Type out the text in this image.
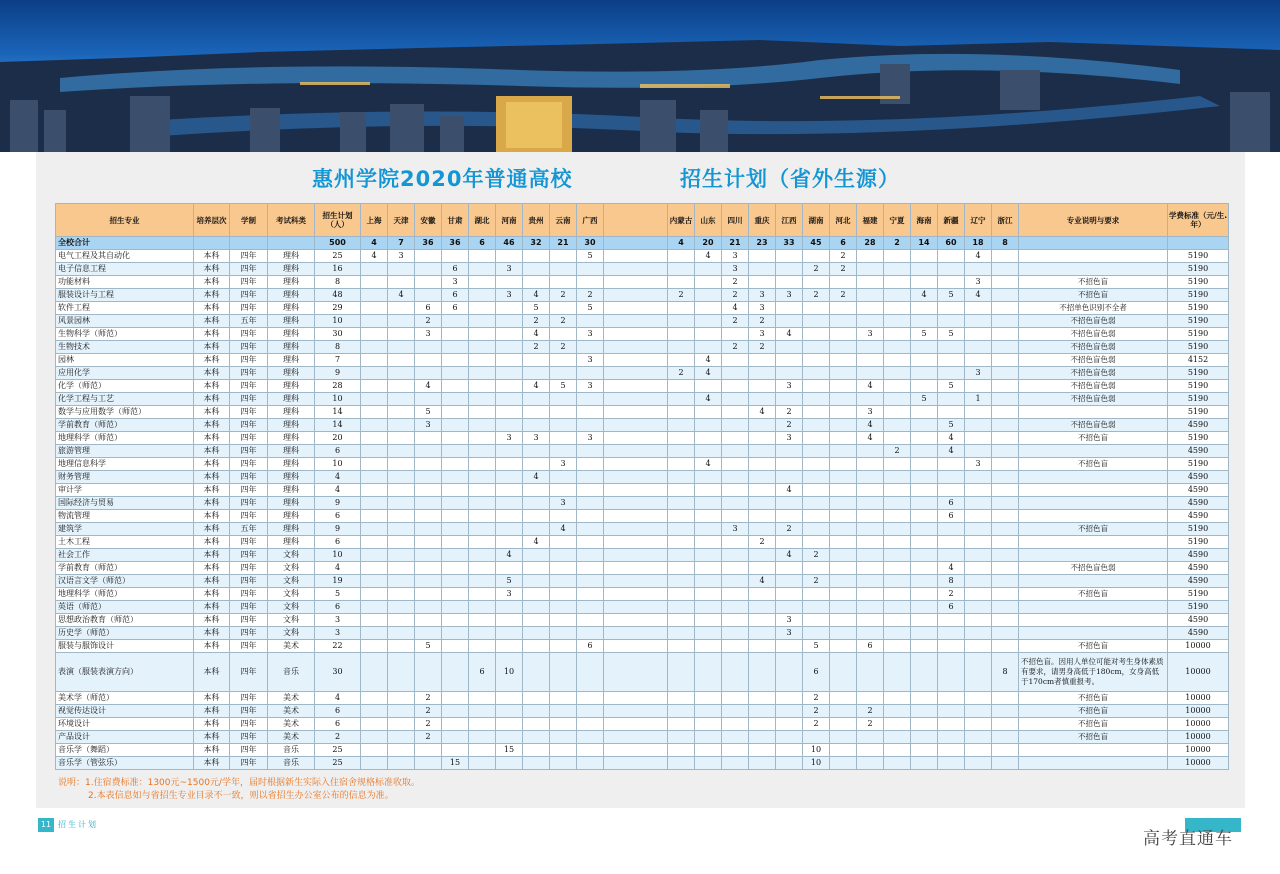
惠州学院2020年普通高校	招生计划（省外生源）
招生专业	培养层次	学制	考试科类	招生计划（人）	上海	天津	安徽	甘肃	湖北	河南	贵州	云南	广西		内蒙古	山东	四川	重庆	江西	湖南	河北	福建	宁夏	海南	新疆	辽宁	浙江	专业说明与要求	学费标准（元/生.年）
全校合计				500	4	7	36	36	6	46	32	21	30		4	20	21	23	33	45	6	28	2	14	60	18	8		
电气工程及其自动化	本科	四年	理科	25	4	3							5			4	3				2					4			5190
电子信息工程	本科	四年	理科	16				6		3							3			2	2								5190
功能材料	本科	四年	理科	8				3									2									3		不招色盲	5190
服装设计与工程	本科	四年	理科	48		4		6		3	4	2	2		2		2	3	3	2	2			4	5	4		不招色盲	5190
软件工程	本科	四年	理科	29			6	6			5		5				4	3										不招单色识别不全者	5190
风景园林	本科	五年	理科	10			2				2	2					2	2										不招色盲色弱	5190
生物科学（师范）	本科	四年	理科	30			3				4		3					3	4			3		5	5			不招色盲色弱	5190
生物技术	本科	四年	理科	8							2	2					2	2										不招色盲色弱	5190
园林	本科	四年	理科	7									3			4												不招色盲色弱	4152
应用化学	本科	四年	理科	9											2	4										3		不招色盲色弱	5190
化学（师范）	本科	四年	理科	28			4				4	5	3						3			4			5			不招色盲色弱	5190
化学工程与工艺	本科	四年	理科	10												4								5		1		不招色盲色弱	5190
数学与应用数学（师范）	本科	四年	理科	14			5											4	2			3							5190
学前教育（师范）	本科	四年	理科	14			3												2			4			5			不招色盲色弱	4590
地理科学（师范）	本科	四年	理科	20						3	3		3						3			4			4			不招色盲	5190
旅游管理	本科	四年	理科	6																			2		4				4590
地理信息科学	本科	四年	理科	10								3				4										3		不招色盲	5190
财务管理	本科	四年	理科	4							4																		4590
审计学	本科	四年	理科	4															4										4590
国际经济与贸易	本科	四年	理科	9								3													6				4590
物流管理	本科	四年	理科	6																					6				4590
建筑学	本科	五年	理科	9								4					3		2									不招色盲	5190
土木工程	本科	四年	理科	6							4							2											5190
社会工作	本科	四年	文科	10						4									4	2									4590
学前教育（师范）	本科	四年	文科	4																					4			不招色盲色弱	4590
汉语言文学（师范）	本科	四年	文科	19						5								4		2					8				4590
地理科学（师范）	本科	四年	文科	5						3															2			不招色盲	5190
英语（师范）	本科	四年	文科	6																					6				5190
思想政治教育（师范）	本科	四年	文科	3															3										4590
历史学（师范）	本科	四年	文科	3															3										4590
服装与服饰设计	本科	四年	美术	22			5						6							5		6						不招色盲	10000
表演（服装表演方向）	本科	四年	音乐	30					6	10										6							8	不招色盲。因用人单位可能对考生身体素质有要求，请男身高低于180cm，女身高低于170cm者慎重报考。	10000
美术学（师范）	本科	四年	美术	4			2													2								不招色盲	10000
视觉传达设计	本科	四年	美术	6			2													2		2						不招色盲	10000
环境设计	本科	四年	美术	6			2													2		2						不招色盲	10000
产品设计	本科	四年	美术	2			2																					不招色盲	10000
音乐学（舞蹈）	本科	四年	音乐	25						15										10									10000
音乐学（管弦乐）	本科	四年	音乐	25				15												10									10000
说明：1.住宿费标准：1300元~1500元/学年，届时根据新生实际入住宿舍规格标准收取。
2.本表信息如与省招生专业目录不一致，则以省招生办公室公布的信息为准。
11 招生计划
高考直通车
